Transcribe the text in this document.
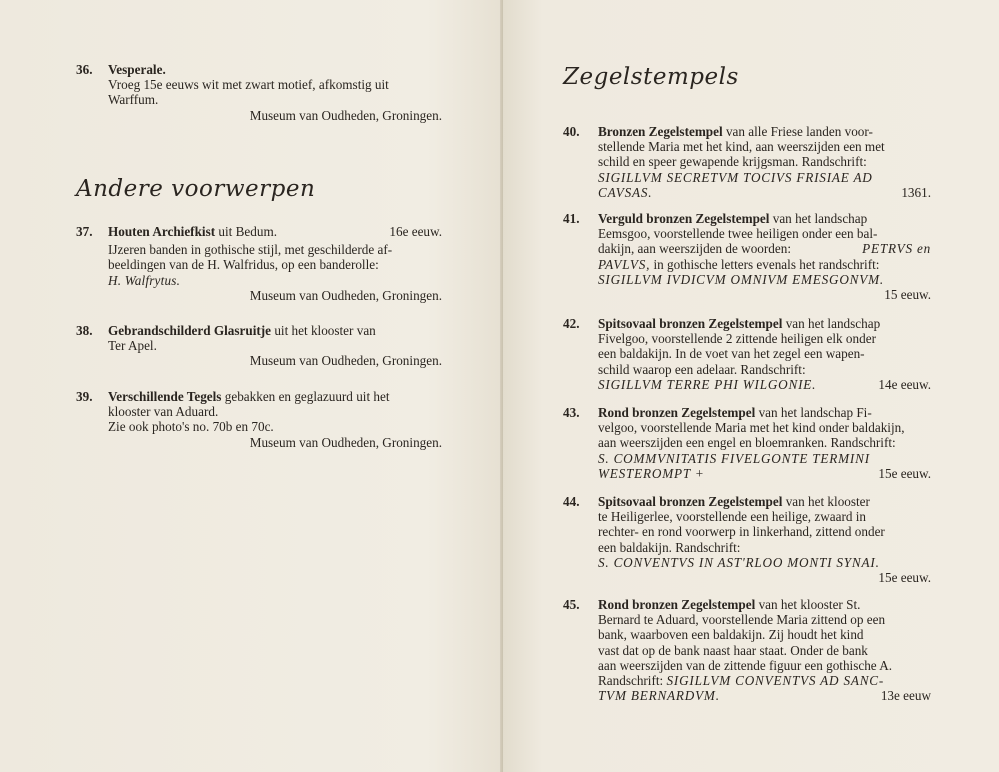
36. Vesperale.

Vroeg 15e eeuws wit met zwart motief, afkomstig uit

Warffum.

Museum van Oudheden, Groningen.

Andere voorwerpen
37. Houten Archiefkist uit Bedum.	16e eeuw.

IJzeren banden in gothische stijl, met geschilderde af-

beeldingen van de H. Walfridus, op een banderolle:

H. Walfrytus.

Museum van Oudheden, Groningen.

38. Gebrandschilderd Glasruitje uit het klooster van

Ter Apel.

Museum van Oudheden, Groningen.

39. Verschillende Tegels gebakken en geglazuurd uit het

klooster van Aduard.

Zie ook photo's no. 70b en 70c.

Museum van Oudheden, Groningen.

Zegelstempels
40. Bronzen Zegelstempel van alle Friese landen voor-

stellende Maria met het kind, aan weerszijden een met

schild en speer gewapende krijgsman. Randschrift:

SIGILLVM SECRETVM TOCIVS FRISIAE AD

CAVSAS.	1361.

41. Verguld bronzen Zegelstempel van het landschap

Eemsgoo, voorstellende twee heiligen onder een bal-

dakijn, aan weerszijden de woorden:	PETRVS en

PAVLVS, in gothische letters evenals het randschrift:

SIGILLVM IVDICVM OMNIVM EMESGONVM.

15 eeuw.

42. Spitsovaal bronzen Zegelstempel van het landschap

Fivelgoo, voorstellende 2 zittende heiligen elk onder

een baldakijn. In de voet van het zegel een wapen-

schild waarop een adelaar. Randschrift:

SIGILLVM TERRE PHI WILGONIE.	14e eeuw.

43. Rond bronzen Zegelstempel van het landschap Fi-

velgoo, voorstellende Maria met het kind onder baldakijn,

aan weerszijden een engel en bloemranken. Randschrift:

S. COMMVNITATIS FIVELGONTE TERMINI

WESTEROMPT +	15e eeuw.

44. Spitsovaal bronzen Zegelstempel van het klooster

te Heiligerlee, voorstellende een heilige, zwaard in

rechter- en rond voorwerp in linkerhand, zittend onder

een baldakijn. Randschrift:

S. CONVENTVS IN AST'RLOO MONTI SYNAI.

15e eeuw.

45. Rond bronzen Zegelstempel van het klooster St.

Bernard te Aduard, voorstellende Maria zittend op een

bank, waarboven een baldakijn. Zij houdt het kind

vast dat op de bank naast haar staat. Onder de bank

aan weerszijden van de zittende figuur een gothische A.

Randschrift: SIGILLVM CONVENTVS AD SANC-

TVM BERNARDVM.	13e eeuw
